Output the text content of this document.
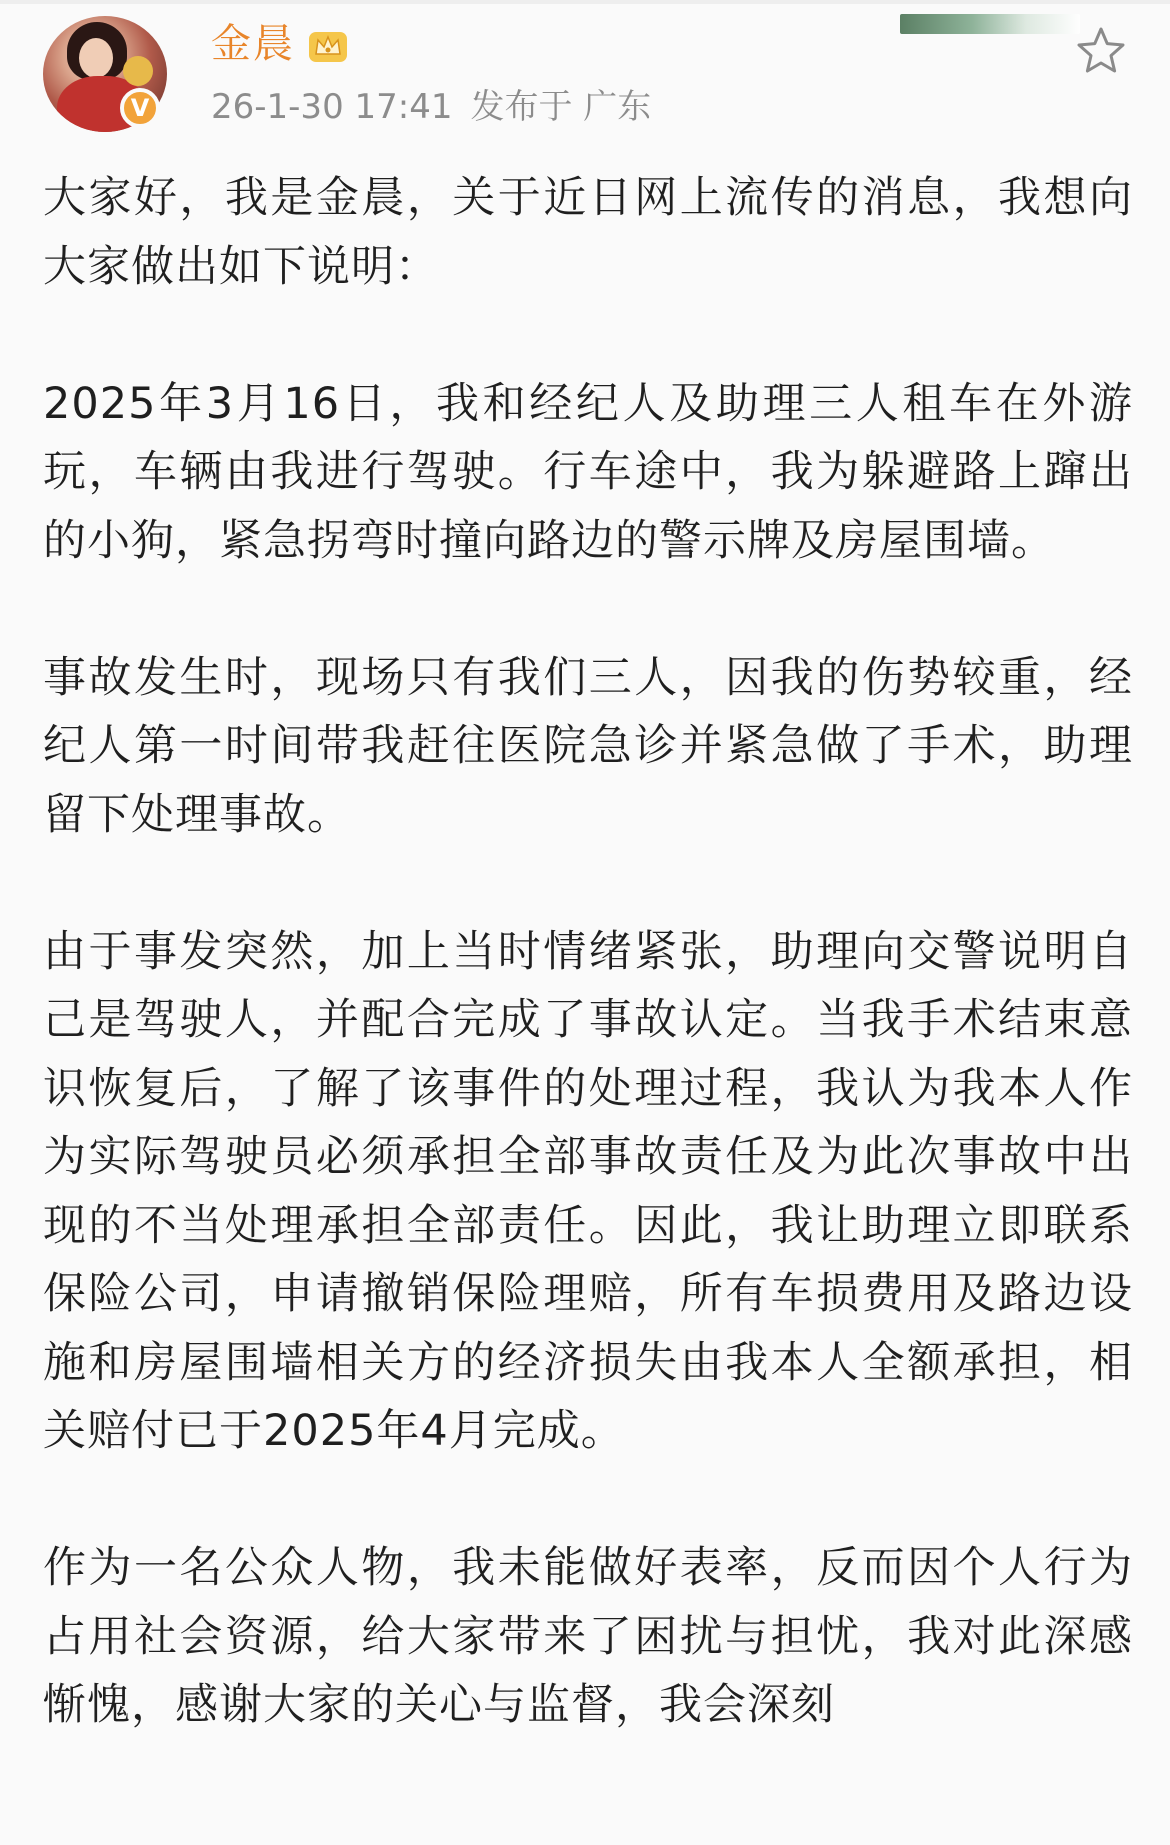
V
金晨
26-1-30 17:41 发布于 广东

大家好，我是金晨，关于近日网上流传的消息，我想向大家做出如下说明：

2025年3月16日，我和经纪人及助理三人租车在外游玩，车辆由我进行驾驶。行车途中，我为躲避路上蹿出的小狗，紧急拐弯时撞向路边的警示牌及房屋围墙。

事故发生时，现场只有我们三人，因我的伤势较重，经纪人第一时间带我赶往医院急诊并紧急做了手术，助理留下处理事故。

由于事发突然，加上当时情绪紧张，助理向交警说明自己是驾驶人，并配合完成了事故认定。当我手术结束意识恢复后，了解了该事件的处理过程，我认为我本人作为实际驾驶员必须承担全部事故责任及为此次事故中出现的不当处理承担全部责任。因此，我让助理立即联系保险公司，申请撤销保险理赔，所有车损费用及路边设施和房屋围墙相关方的经济损失由我本人全额承担，相关赔付已于2025年4月完成。

作为一名公众人物，我未能做好表率，反而因个人行为占用社会资源，给大家带来了困扰与担忧，我对此深感惭愧，感谢大家的关心与监督，我会深刻
